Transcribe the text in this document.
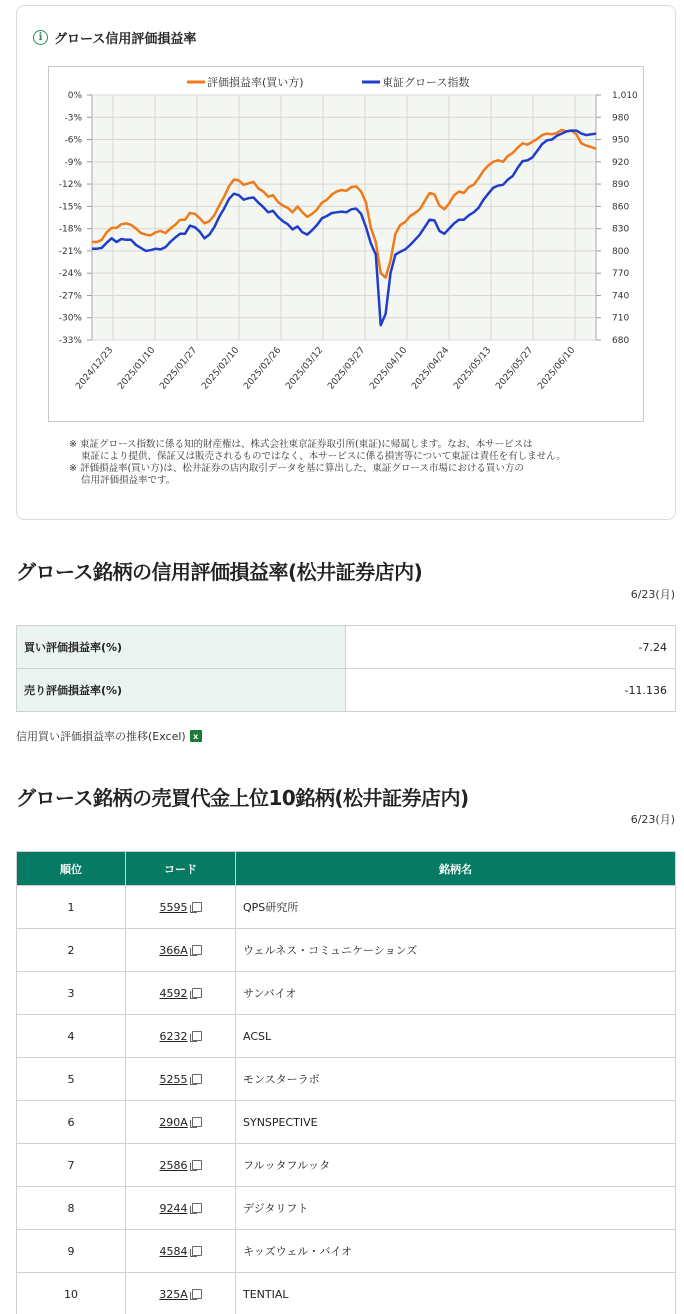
i グロース信用評価損益率
0%
-3%
-6%
-9%
-12%
-15%
-18%
-21%
-24%
-27%
-30%
-33%
1,010
980
950
920
890
860
830
800
770
740
710
680
2024/12/23 2025/01/10 2025/01/27 2025/02/10 2025/02/26 2025/03/12 2025/03/27 2025/04/10 2025/04/24 2025/05/13 2025/05/27 2025/06/10
評価損益率(買い方)	東証グロース指数

※ 東証グロース指数に係る知的財産権は、株式会社東京証券取引所(東証)に帰属します。なお、本サービスは

東証により提供、保証又は販売されるものではなく、本サービスに係る損害等について東証は責任を有しません。

※ 評価損益率(買い方)は、松井証券の店内取引データを基に算出した、東証グロース市場における買い方の

信用評価損益率です。

グロース銘柄の信用評価損益率(松井証券店内)
6/23(月)
買い評価損益率(%)	-7.24
売り評価損益率(%)	-11.136
信用買い評価損益率の推移(Excel) x
グロース銘柄の売買代金上位10銘柄(松井証券店内)
6/23(月)
順位	コード	銘柄名
1	5595	QPS研究所
2	366A	ウェルネス・コミュニケーションズ
3	4592	サンバイオ
4	6232	ACSL
5	5255	モンスターラボ
6	290A	SYNSPECTIVE
7	2586	フルッタフルッタ
8	9244	デジタリフト
9	4584	キッズウェル・バイオ
10	325A	TENTIAL
